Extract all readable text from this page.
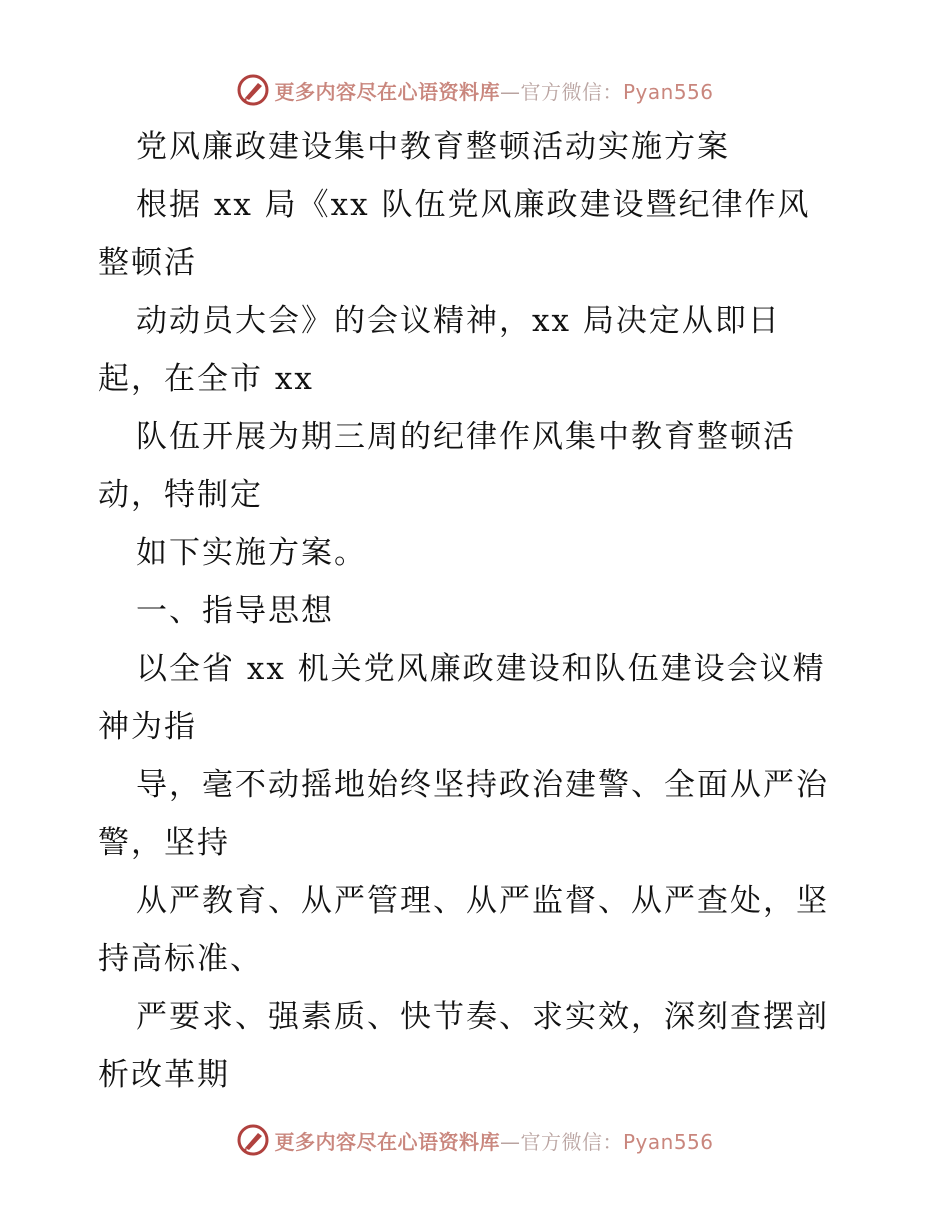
更多内容尽在心语资料库—官方微信：Pyan556
党风廉政建设集中教育整顿活动实施方案
根据 xx 局《xx 队伍党风廉政建设暨纪律作风
整顿活
动动员大会》的会议精神，xx 局决定从即日
起，在全市 xx
队伍开展为期三周的纪律作风集中教育整顿活
动，特制定
如下实施方案。
一、指导思想
以全省 xx 机关党风廉政建设和队伍建设会议精
神为指
导，毫不动摇地始终坚持政治建警、全面从严治
警，坚持
从严教育、从严管理、从严监督、从严查处，坚
持高标准、
严要求、强素质、快节奏、求实效，深刻查摆剖
析改革期
更多内容尽在心语资料库—官方微信：Pyan556
